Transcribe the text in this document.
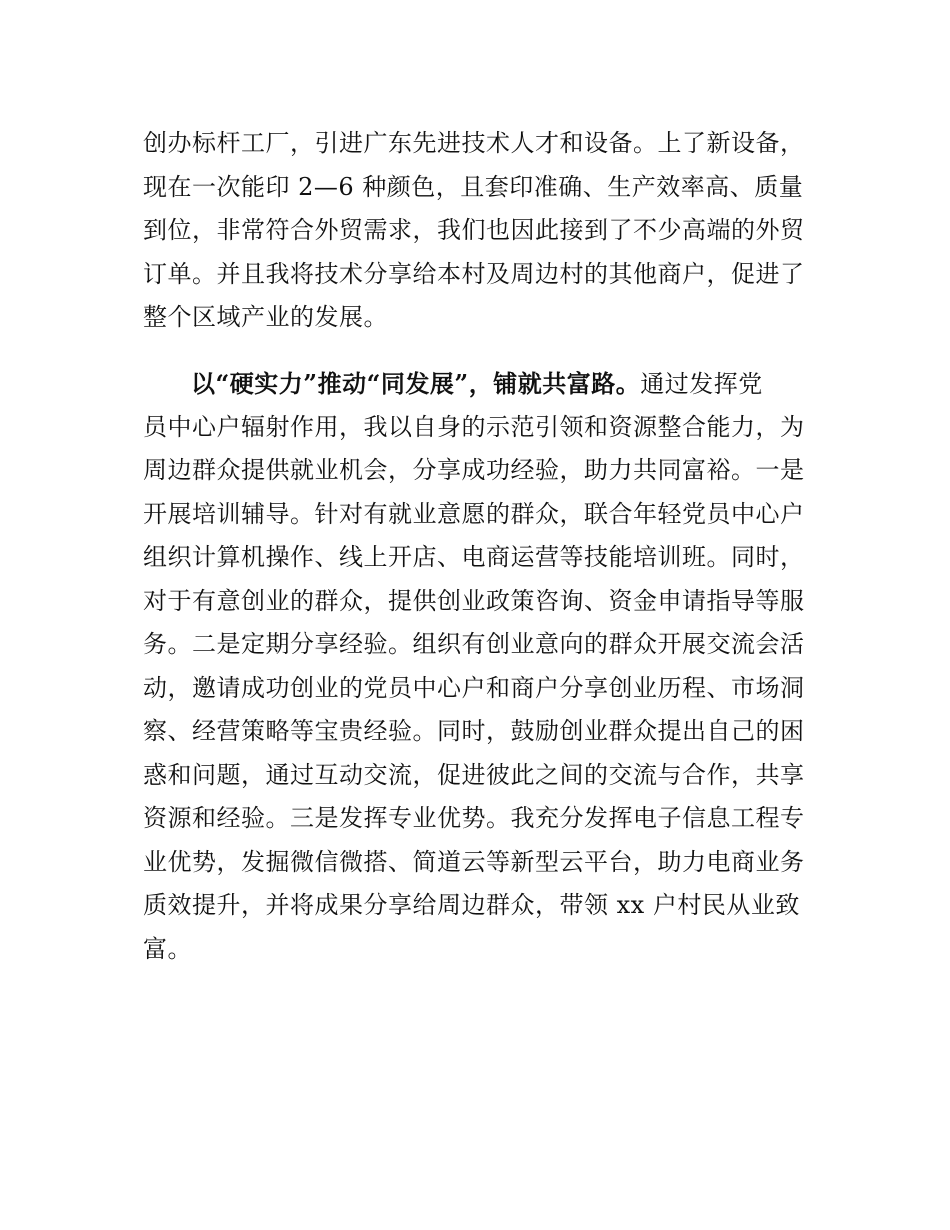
创办标杆工厂，引进广东先进技术人才和设备。上了新设备，
现在一次能印 2—6 种颜色，且套印准确、生产效率高、质量
到位，非常符合外贸需求，我们也因此接到了不少高端的外贸
订单。并且我将技术分享给本村及周边村的其他商户，促进了
整个区域产业的发展。
以“硬实力”推动“同发展”，铺就共富路。通过发挥党
员中心户辐射作用，我以自身的示范引领和资源整合能力，为
周边群众提供就业机会，分享成功经验，助力共同富裕。一是
开展培训辅导。针对有就业意愿的群众，联合年轻党员中心户
组织计算机操作、线上开店、电商运营等技能培训班。同时，
对于有意创业的群众，提供创业政策咨询、资金申请指导等服
务。二是定期分享经验。组织有创业意向的群众开展交流会活
动，邀请成功创业的党员中心户和商户分享创业历程、市场洞
察、经营策略等宝贵经验。同时，鼓励创业群众提出自己的困
惑和问题，通过互动交流，促进彼此之间的交流与合作，共享
资源和经验。三是发挥专业优势。我充分发挥电子信息工程专
业优势，发掘微信微搭、简道云等新型云平台，助力电商业务
质效提升，并将成果分享给周边群众，带领 xx 户村民从业致
富。
